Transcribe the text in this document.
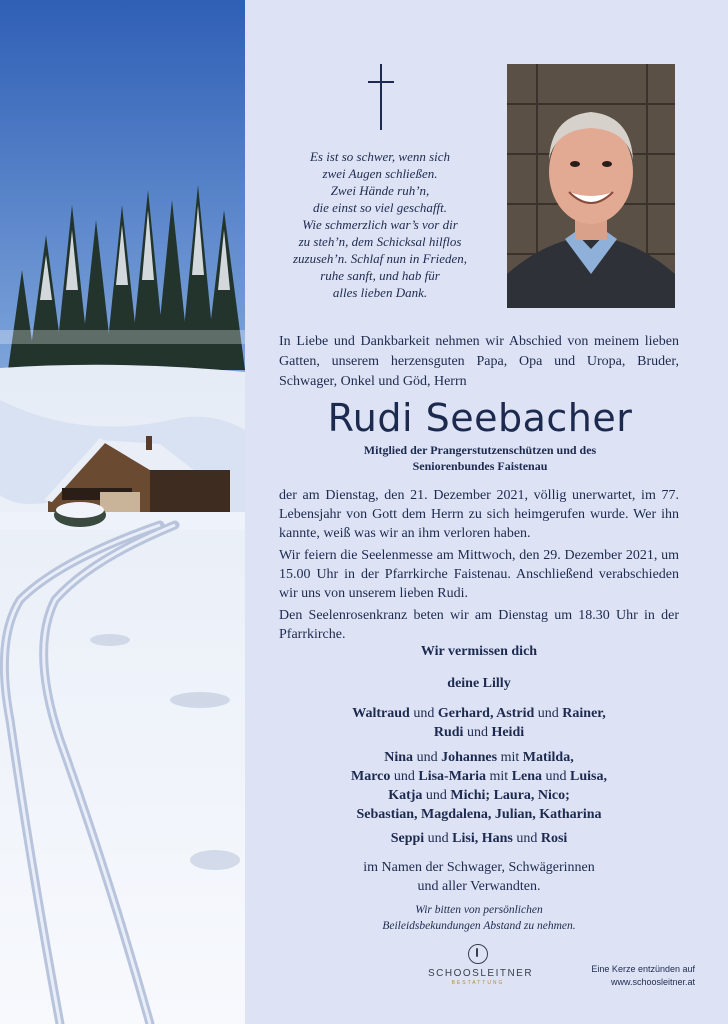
Es ist so schwer, wenn sich
zwei Augen schließen.
Zwei Hände ruh’n,
die einst so viel geschafft.
Wie schmerzlich war’s vor dir
zu steh’n, dem Schicksal hilflos
zuzuseh’n. Schlaf nun in Frieden,
ruhe sanft, und hab für
alles lieben Dank.
In Liebe und Dankbarkeit nehmen wir Abschied von meinem lieben Gatten, unserem herzensguten Papa, Opa und Uropa, Bruder, Schwager, Onkel und Göd, Herrn
Rudi Seebacher
Mitglied der Prangerstutzenschützen und des
Seniorenbundes Faistenau
der am Dienstag, den 21. Dezember 2021, völlig unerwartet, im 77. Lebensjahr von Gott dem Herrn zu sich heimgerufen wurde. Wer ihn kannte, weiß was wir an ihm verloren haben.
Wir feiern die Seelenmesse am Mittwoch, den 29. Dezember 2021, um 15.00 Uhr in der Pfarrkirche Faistenau. Anschließend verabschieden wir uns von unserem lieben Rudi.
Den Seelenrosenkranz beten wir am Dienstag um 18.30 Uhr in der Pfarrkirche.
Wir vermissen dich
deine Lilly
Waltraud und Gerhard, Astrid und Rainer,
Rudi und Heidi
Nina und Johannes mit Matilda,
Marco und Lisa-Maria mit Lena und Luisa,
Katja und Michi; Laura, Nico;
Sebastian, Magdalena, Julian, Katharina
Seppi und Lisi, Hans und Rosi
im Namen der Schwager, Schwägerinnen
und aller Verwandten.
Wir bitten von persönlichen
Beileidsbekundungen Abstand zu nehmen.
SCHOOSLEITNER
BESTATTUNG
Eine Kerze entzünden auf
www.schoosleitner.at
